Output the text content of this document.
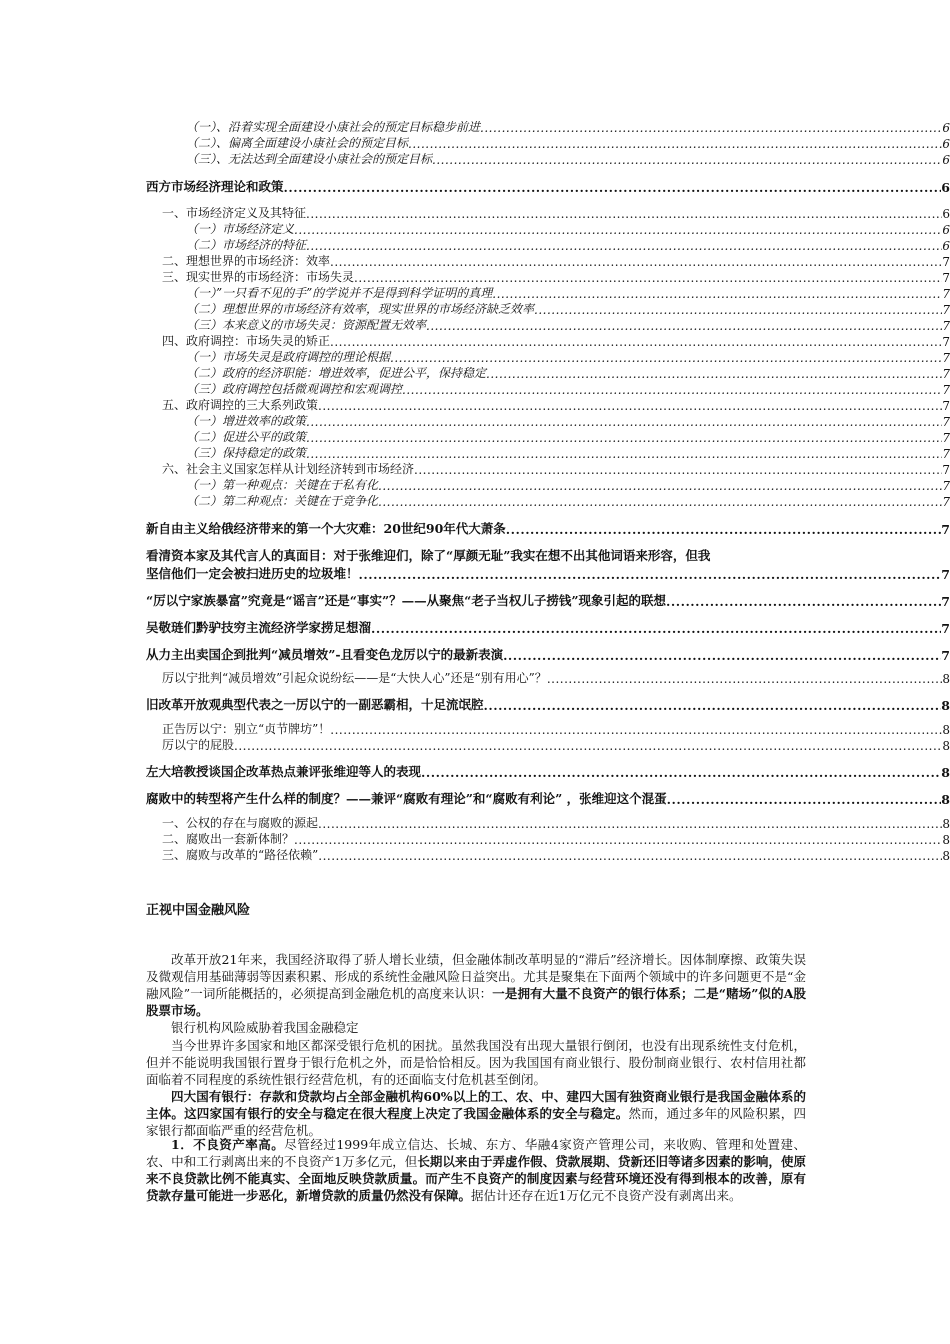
（一）、沿着实现全面建设小康社会的预定目标稳步前进 .....	6
（二）、偏离全面建设小康社会的预定目标 .....	6
（三）、无法达到全面建设小康社会的预定目标 .....	6
西方市场经济理论和政策 .....	6
一、市场经济定义及其特征 .....	6
（一）市场经济定义 .....	6
（二）市场经济的特征 .....	6
二、理想世界的市场经济：效率 .....	7
三、现实世界的市场经济：市场失灵 .....	7
（一）”一只看不见的手”的学说并不是得到科学证明的真理 .....	7
（二）理想世界的市场经济有效率，现实世界的市场经济缺乏效率 .....	7
（三）本来意义的市场失灵：资源配置无效率 .....	7
四、政府调控：市场失灵的矫正 .....	7
（一）市场失灵是政府调控的理论根据 .....	7
（二）政府的经济职能：增进效率，促进公平，保持稳定 .....	7
（三）政府调控包括微观调控和宏观调控 .....	7
五、政府调控的三大系列政策 .....	7
（一）增进效率的政策 .....	7
（二）促进公平的政策 .....	7
（三）保持稳定的政策 .....	7
六、社会主义国家怎样从计划经济转到市场经济 .....	7
（一）第一种观点：关键在于私有化 .....	7
（二）第二种观点：关键在于竞争化 .....	7
新自由主义给俄经济带来的第一个大灾难：20世纪90年代大萧条 .....	7
看清资本家及其代言人的真面目：对于张维迎们，除了“厚颜无耻”我实在想不出其他词语来形容，但我
坚信他们一定会被扫进历史的垃圾堆！ .....	7
“厉以宁家族暴富”究竟是“谣言”还是“事实”？——从聚焦“老子当权儿子捞钱”现象引起的联想 .....	7
吴敬琏们黔驴技穷主流经济学家捞足想溜 .....	7
从力主出卖国企到批判“减员增效”-且看变色龙厉以宁的最新表演 .....	7
厉以宁批判“减员增效”引起众说纷纭——是“大快人心”还是“别有用心”？ .....	8
旧改革开放观典型代表之一厉以宁的一副恶霸相，十足流氓腔 .....	8
正告厉以宁：别立“贞节牌坊”！ .....	8
厉以宁的屁股 .....	8
左大培教授谈国企改革热点兼评张维迎等人的表现 .....	8
腐败中的转型将产生什么样的制度？——兼评“腐败有理论”和“腐败有利论” ，张维迎这个混蛋 .....	8
一、公权的存在与腐败的源起 .....	8
二、腐败出一套新体制？ .....	8
三、腐败与改革的“路径依赖” .....	8
正视中国金融风险
改革开放21年来，我国经济取得了骄人增长业绩，但金融体制改革明显的“滞后”经济增长。因体制摩擦、政策失误及微观信用基础薄弱等因素积累、形成的系统性金融风险日益突出。尤其是聚集在下面两个领域中的许多问题更不是“金融风险”一词所能概括的，必须提高到金融危机的高度来认识：一是拥有大量不良资产的银行体系；二是“赌场”似的A股股票市场。
银行机构风险威胁着我国金融稳定
当今世界许多国家和地区都深受银行危机的困扰。虽然我国没有出现大量银行倒闭，也没有出现系统性支付危机，但并不能说明我国银行置身于银行危机之外，而是恰恰相反。因为我国国有商业银行、股份制商业银行、农村信用社都面临着不同程度的系统性银行经营危机，有的还面临支付危机甚至倒闭。
四大国有银行：存款和贷款均占全部金融机构60%以上的工、农、中、建四大国有独资商业银行是我国金融体系的主体。这四家国有银行的安全与稳定在很大程度上决定了我国金融体系的安全与稳定。然而，通过多年的风险积累，四家银行都面临严重的经营危机。
1．不良资产率高。尽管经过1999年成立信达、长城、东方、华融4家资产管理公司，来收购、管理和处置建、农、中和工行剥离出来的不良资产1万多亿元，但长期以来由于弄虚作假、贷款展期、贷新还旧等诸多因素的影响，使原来不良贷款比例不能真实、全面地反映贷款质量。而产生不良资产的制度因素与经营环境还没有得到根本的改善，原有贷款存量可能进一步恶化，新增贷款的质量仍然没有保障。据估计还存在近1万亿元不良资产没有剥离出来。
